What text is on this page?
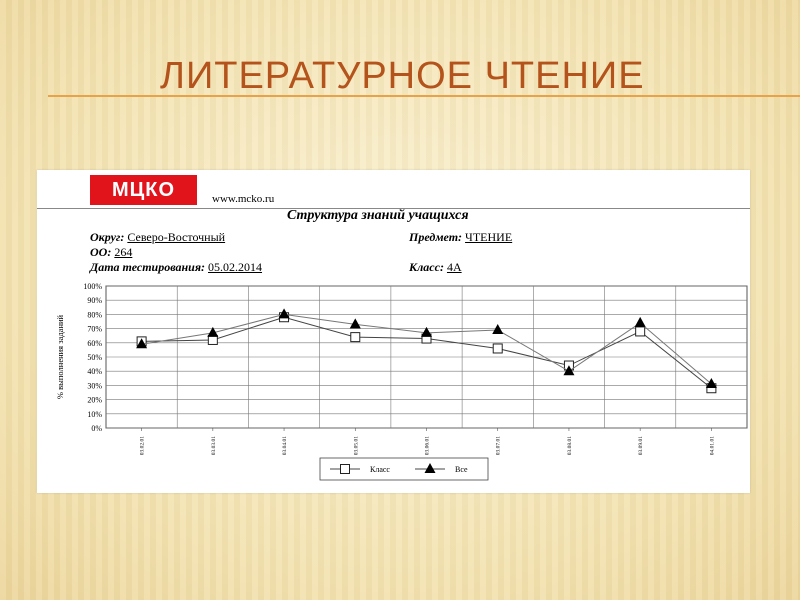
ЛИТЕРАТУРНОЕ ЧТЕНИЕ
МЦКО	www.mcko.ru
Структура знаний учащихся
Округ: Северо-Восточный
ОО: 264
Дата тестирования: 05.02.2014
Предмет: ЧТЕНИЕ
Класс: 4А
0%
10%
20%
30%
40%
50%
60%
70%
80%
90%
100%
03.02.01	03.03.01	03.04.01	03.05.01	03.06.01	03.07.01	03.08.01	03.09.01	04.01.01
% выполнения заданий
Класс	Все
